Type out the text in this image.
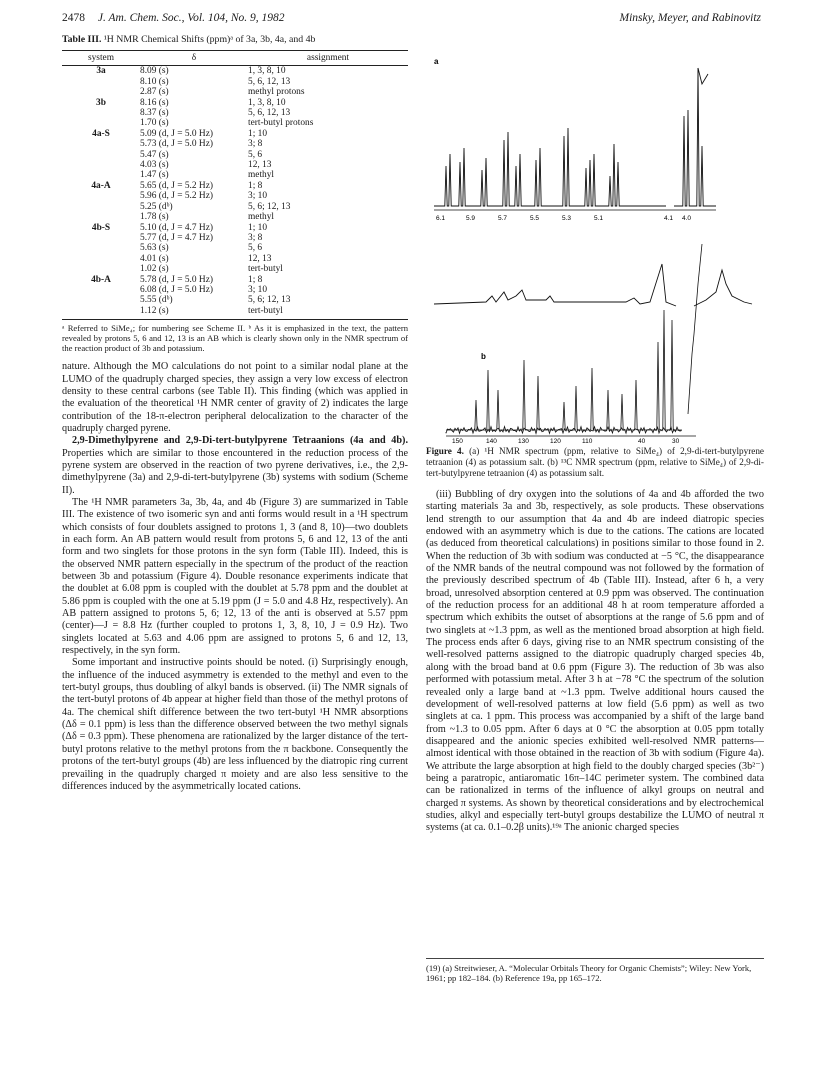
2478 J. Am. Chem. Soc., Vol. 104, No. 9, 1982	Minsky, Meyer, and Rabinovitz
Table III. ¹H NMR Chemical Shifts (ppm)ᵃ of 3a, 3b, 4a, and 4b
system	δ	assignment
3a	8.09 (s)	1, 3, 8, 10
	8.10 (s)	5, 6, 12, 13
	2.87 (s)	methyl protons
3b	8.16 (s)	1, 3, 8, 10
	8.37 (s)	5, 6, 12, 13
	1.70 (s)	tert-butyl protons
4a-S	5.09 (d, J = 5.0 Hz)	1; 10
	5.73 (d, J = 5.0 Hz)	3; 8
	5.47 (s)	5, 6
	4.03 (s)	12, 13
	1.47 (s)	methyl
4a-A	5.65 (d, J = 5.2 Hz)	1; 8
	5.96 (d, J = 5.2 Hz)	3; 10
	5.25 (dᵇ)	5, 6; 12, 13
	1.78 (s)	methyl
4b-S	5.10 (d, J = 4.7 Hz)	1; 10
	5.77 (d, J = 4.7 Hz)	3; 8
	5.63 (s)	5, 6
	4.01 (s)	12, 13
	1.02 (s)	tert-butyl
4b-A	5.78 (d, J = 5.0 Hz)	1; 8
	6.08 (d, J = 5.0 Hz)	3; 10
	5.55 (dᵇ)	5, 6; 12, 13
	1.12 (s)	tert-butyl
ᵃ Referred to SiMe₄; for numbering see Scheme II. ᵇ As it is emphasized in the text, the pattern revealed by protons 5, 6 and 12, 13 is an AB which is clearly shown only in the NMR spectrum of the reaction product of 3b and potassium.

nature. Although the MO calculations do not point to a similar nodal plane at the LUMO of the quadruply charged species, they assign a very low excess of electron density to these central carbons (see Table II). This finding (which was applied in the evaluation of the theoretical ¹H NMR center of gravity of 2) indicates the large contribution of the 18-π-electron peripheral delocalization to the character of the quadruply charged pyrene.

2,9-Dimethylpyrene and 2,9-Di-tert-butylpyrene Tetraanions (4a and 4b). Properties which are similar to those encountered in the reduction process of the pyrene system are observed in the reaction of two pyrene derivatives, i.e., the 2,9-dimethylpyrene (3a) and 2,9-di-tert-butylpyrene (3b) systems with sodium (Scheme II).

The ¹H NMR parameters 3a, 3b, 4a, and 4b (Figure 3) are summarized in Table III. The existence of two isomeric syn and anti forms would result in a ¹H spectrum which consists of four doublets assigned to protons 1, 3 (and 8, 10)—two doublets in each form. An AB pattern would result from protons 5, 6 and 12, 13 of the anti form and two singlets for those protons in the syn form (Table III). Indeed, this is the observed NMR pattern especially in the spectrum of the product of the reaction between 3b and potassium (Figure 4). Double resonance experiments indicate that the doublet at 6.08 ppm is coupled with the doublet at 5.78 ppm and the doublet at 5.86 ppm is coupled with the one at 5.19 ppm (J = 5.0 and 4.8 Hz, respectively). An AB pattern assigned to protons 5, 6; 12, 13 of the anti is observed at 5.57 ppm (center)—J = 8.8 Hz (further coupled to protons 1, 3, 8, 10, J = 0.9 Hz). Two singlets located at 5.63 and 4.06 ppm are assigned to protons 5, 6 and 12, 13, respectively, in the syn form.

Some important and instructive points should be noted. (i) Surprisingly enough, the influence of the induced asymmetry is extended to the methyl and even to the tert-butyl groups, thus doubling of alkyl bands is observed. (ii) The NMR signals of the tert-butyl protons of 4b appear at higher field than those of the methyl protons of 4a. The chemical shift difference between the two tert-butyl ¹H NMR absorptions (Δδ = 0.1 ppm) is less than the difference observed between the two methyl signals (Δδ = 0.3 ppm). These phenomena are rationalized by the larger distance of the tert-butyl protons relative to the methyl protons from the π backbone. Consequently the protons of the tert-butyl groups (4b) are less influenced by the diatropic ring current prevailing in the quadruply charged π moiety and are also less sensitive to the differences induced by the asymmetrically located cations.

a
6.1	5.9	5.7	5.5	5.3	5.1	4.1 4.0
b
150	140	130	120	110	40	30
Figure 4. (a) ¹H NMR spectrum (ppm, relative to SiMe₄) of 2,9-di-tert-butylpyrene tetraanion (4) as potassium salt. (b) ¹³C NMR spectrum (ppm, relative to SiMe₄) of 2,9-di-tert-butylpyrene tetraanion (4) as potassium salt.

(iii) Bubbling of dry oxygen into the solutions of 4a and 4b afforded the two starting materials 3a and 3b, respectively, as sole products. These observations lend strength to our assumption that 4a and 4b are indeed diatropic species endowed with an asymmetry which is due to the cations. The cations are located (as deduced from theoretical calculations) in positions similar to those found in 2. When the reduction of 3b with sodium was conducted at −5 °C, the disappearance of the NMR bands of the neutral compound was not followed by the formation of the previously described spectrum of 4b (Table III). Instead, after 6 h, a very broad, unresolved absorption centered at 0.9 ppm was observed. The continuation of the reduction process for an additional 48 h at room temperature afforded a spectrum which exhibits the outset of absorptions at the range of 5.6 ppm and of two singlets at ~1.3 ppm, as well as the mentioned broad absorption at high field. The process ends after 6 days, giving rise to an NMR spectrum consisting of the well-resolved patterns assigned to the diatropic quadruply charged species 4b, along with the broad band at 0.6 ppm (Figure 3). The reduction of 3b was also performed with potassium metal. After 3 h at −78 °C the spectrum of the solution revealed only a large band at ~1.3 ppm. Twelve additional hours caused the development of well-resolved patterns at low field (5.6 ppm) as well as two singlets at ca. 1 ppm. This process was accompanied by a shift of the large band from ~1.3 to 0.05 ppm. After 6 days at 0 °C the absorption at 0.05 ppm totally disappeared and the anionic species exhibited well-resolved NMR patterns—almost identical with those obtained in the reaction of 3b with sodium (Figure 4a). We attribute the large absorption at high field to the doubly charged species (3b²⁻) being a paratropic, antiaromatic 16π–14C perimeter system. The combined data can be rationalized in terms of the influence of alkyl groups on neutral and charged π systems. As shown by theoretical considerations and by electrochemical studies, alkyl and especially tert-butyl groups destabilize the LUMO of neutral π systems (at ca. 0.1–0.2β units).¹⁹ᵃ The anionic charged species

(19) (a) Streitwieser, A. “Molecular Orbitals Theory for Organic Chemists”; Wiley: New York, 1961; pp 182–184. (b) Reference 19a, pp 165–172.
